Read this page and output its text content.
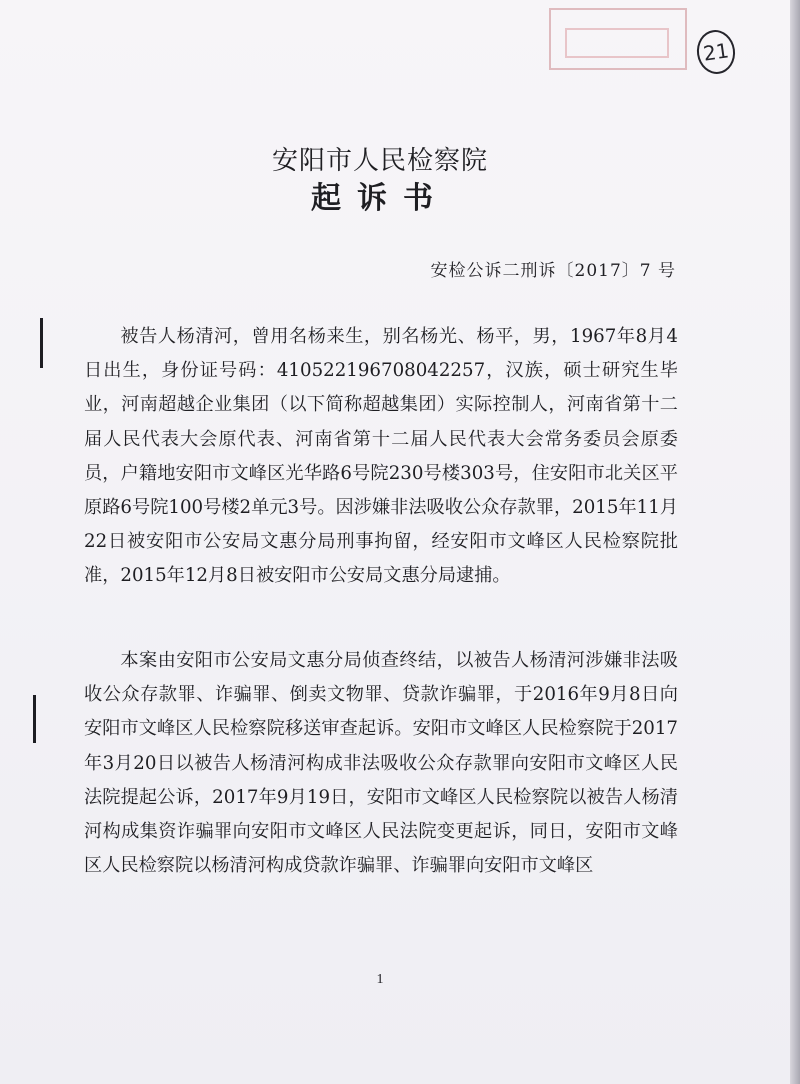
21
安阳市人民检察院
起诉书
安检公诉二刑诉〔2017〕7 号

被告人杨清河，曾用名杨来生，别名杨光、杨平，男，1967年8月4日出生，身份证号码：410522196708042257，汉族，硕士研究生毕业，河南超越企业集团（以下简称超越集团）实际控制人，河南省第十二届人民代表大会原代表、河南省第十二届人民代表大会常务委员会原委员，户籍地安阳市文峰区光华路6号院230号楼303号，住安阳市北关区平原路6号院100号楼2单元3号。因涉嫌非法吸收公众存款罪，2015年11月22日被安阳市公安局文惠分局刑事拘留，经安阳市文峰区人民检察院批准，2015年12月8日被安阳市公安局文惠分局逮捕。

本案由安阳市公安局文惠分局侦查终结，以被告人杨清河涉嫌非法吸收公众存款罪、诈骗罪、倒卖文物罪、贷款诈骗罪，于2016年9月8日向安阳市文峰区人民检察院移送审查起诉。安阳市文峰区人民检察院于2017年3月20日以被告人杨清河构成非法吸收公众存款罪向安阳市文峰区人民法院提起公诉，2017年9月19日，安阳市文峰区人民检察院以被告人杨清河构成集资诈骗罪向安阳市文峰区人民法院变更起诉，同日，安阳市文峰区人民检察院以杨清河构成贷款诈骗罪、诈骗罪向安阳市文峰区

1
